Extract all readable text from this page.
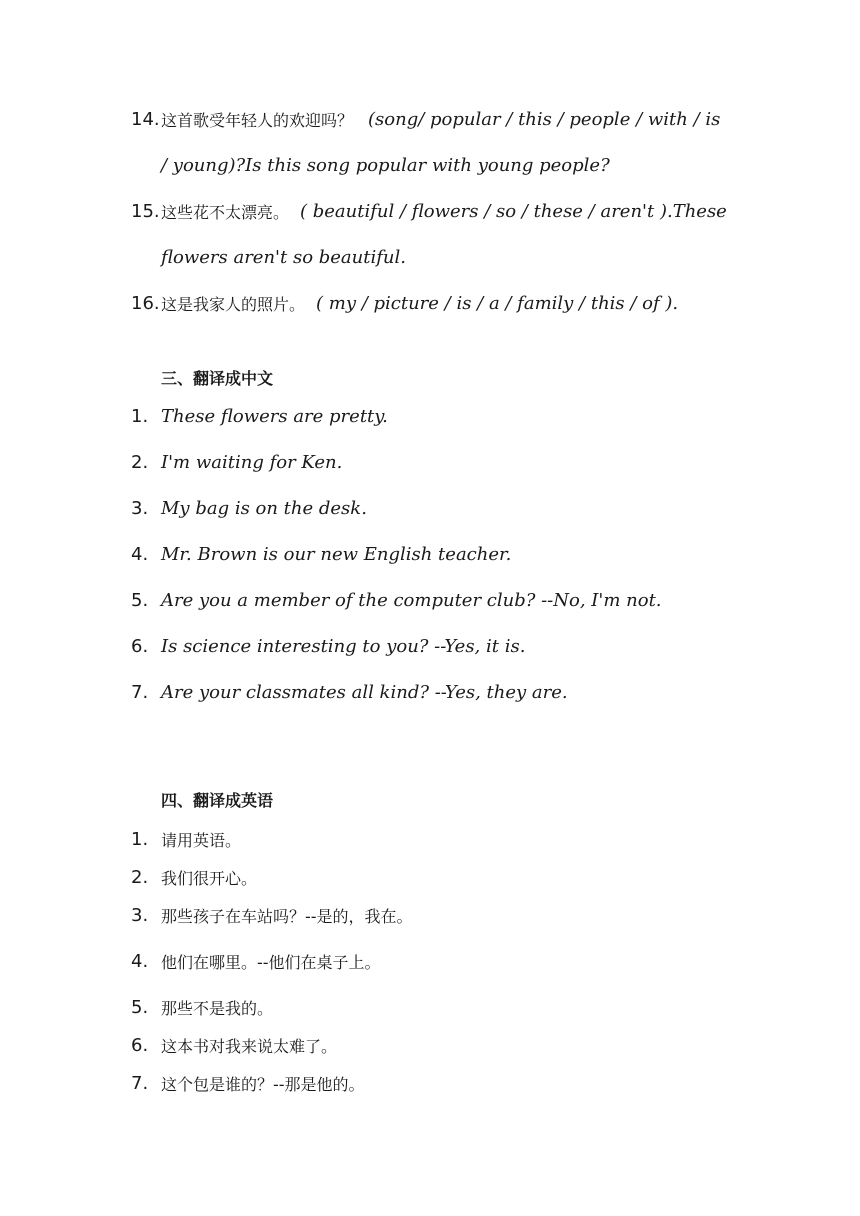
14. 这首歌受年轻人的欢迎吗？ (song/ popular / this / people / with / is
/ young)?Is this song popular with young people?
15. 这些花不太漂亮。 ( beautiful / flowers / so / these / aren't ).These
flowers aren't so beautiful.
16. 这是我家人的照片。 ( my / picture / is / a / family / this / of ).
三、翻译成中文
1. These flowers are pretty.
2. I'm waiting for Ken.
3. My bag is on the desk.
4. Mr. Brown is our new English teacher.
5. Are you a member of the computer club? --No, I'm not.
6. Is science interesting to you? --Yes, it is.
7. Are your classmates all kind? --Yes, they are.
四、翻译成英语
1. 请用英语。
2. 我们很开心。
3. 那些孩子在车站吗？--是的，我在。
4. 他们在哪里。--他们在桌子上。
5. 那些不是我的。
6. 这本书对我来说太难了。
7. 这个包是谁的？--那是他的。
